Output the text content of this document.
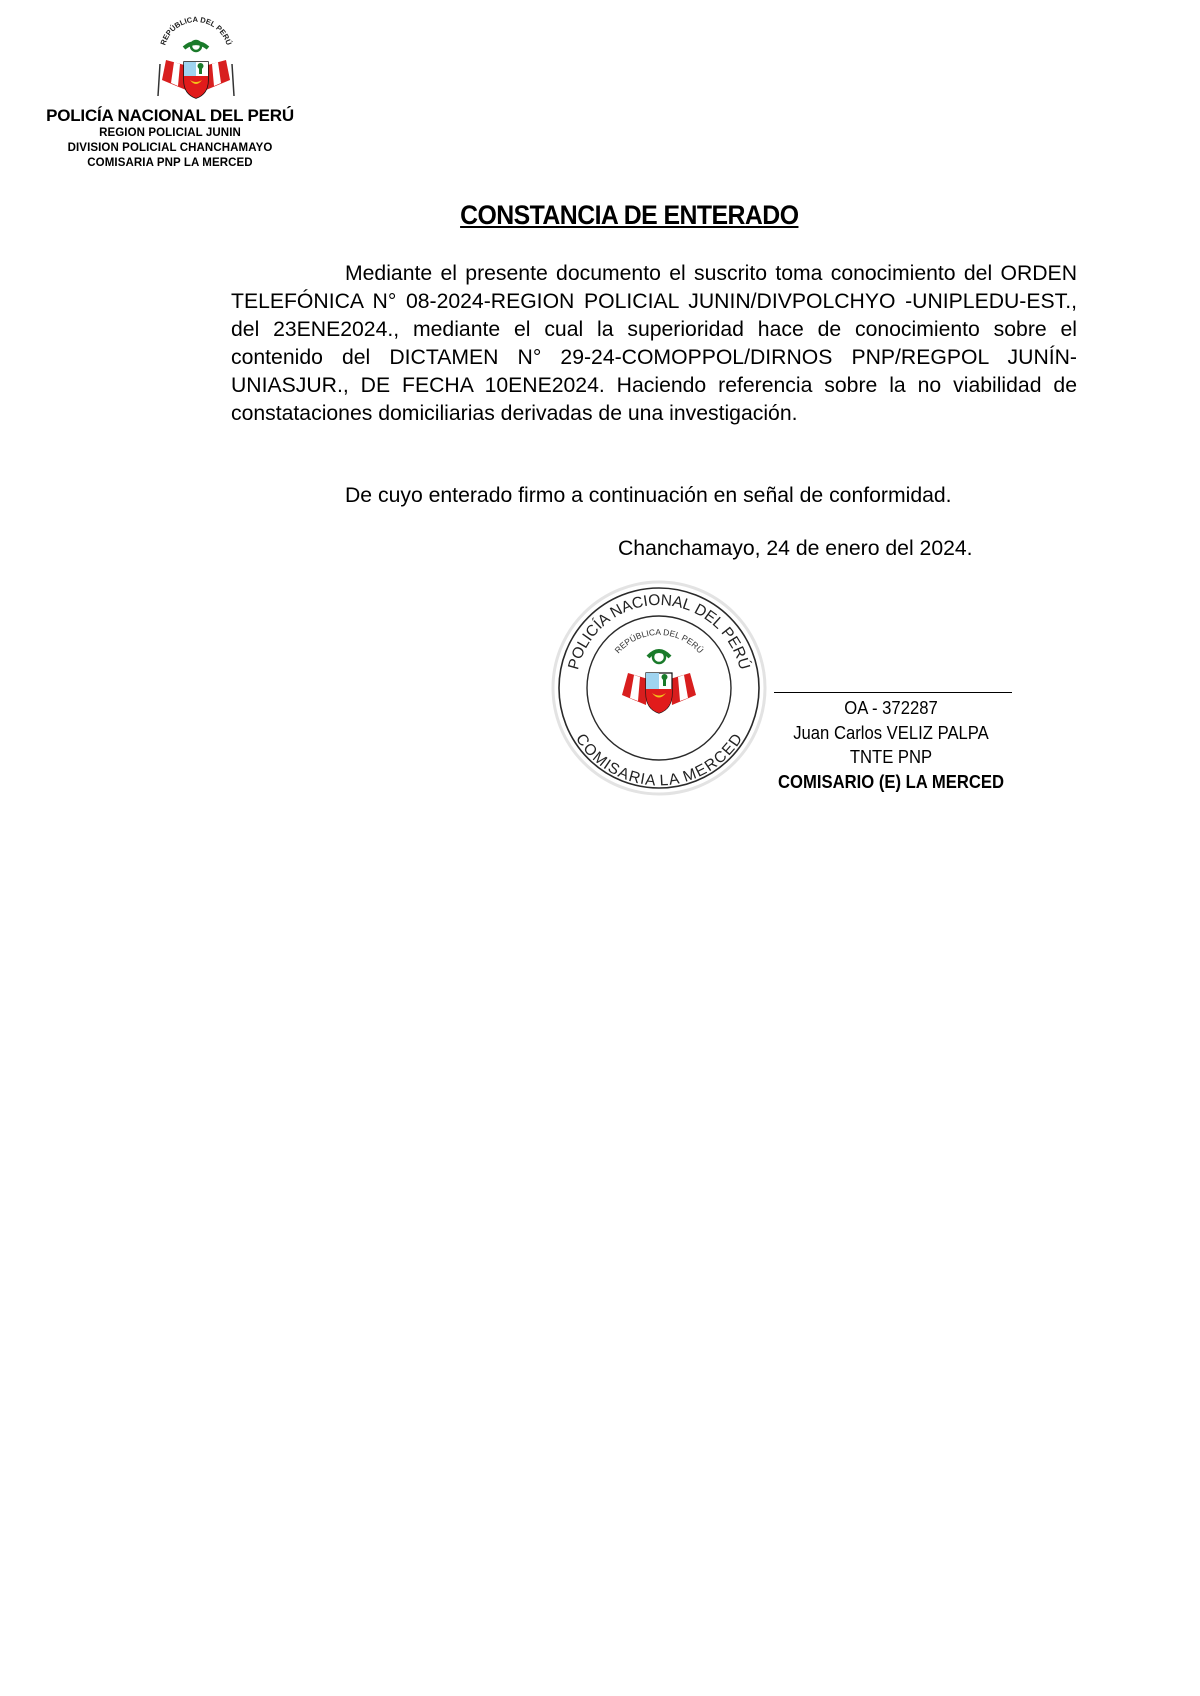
REPÚBLICA DEL PERÚ
POLICÍA NACIONAL DEL PERÚ
REGION POLICIAL JUNIN
DIVISION POLICIAL CHANCHAMAYO
COMISARIA PNP LA MERCED
CONSTANCIA DE ENTERADO

Mediante el presente documento el suscrito toma conocimiento del ORDEN TELEFÓNICA N° 08-2024-REGION POLICIAL JUNIN/DIVPOLCHYO -UNIPLEDU-EST., del 23ENE2024., mediante el cual la superioridad hace de conocimiento sobre el contenido del DICTAMEN N° 29-24-COMOPPOL/DIRNOS PNP/REGPOL JUNÍN-UNIASJUR., DE FECHA 10ENE2024. Haciendo referencia sobre la no viabilidad de constataciones domiciliarias derivadas de una investigación.

De cuyo enterado firmo a continuación en señal de conformidad.

Chanchamayo, 24 de enero del 2024.
POLICÍA NACIONAL DEL PERÚ
COMISARIA LA MERCED
REPÚBLICA DEL PERÚ
OA - 372287
Juan Carlos VELIZ PALPA
TNTE PNP
COMISARIO (E) LA MERCED
